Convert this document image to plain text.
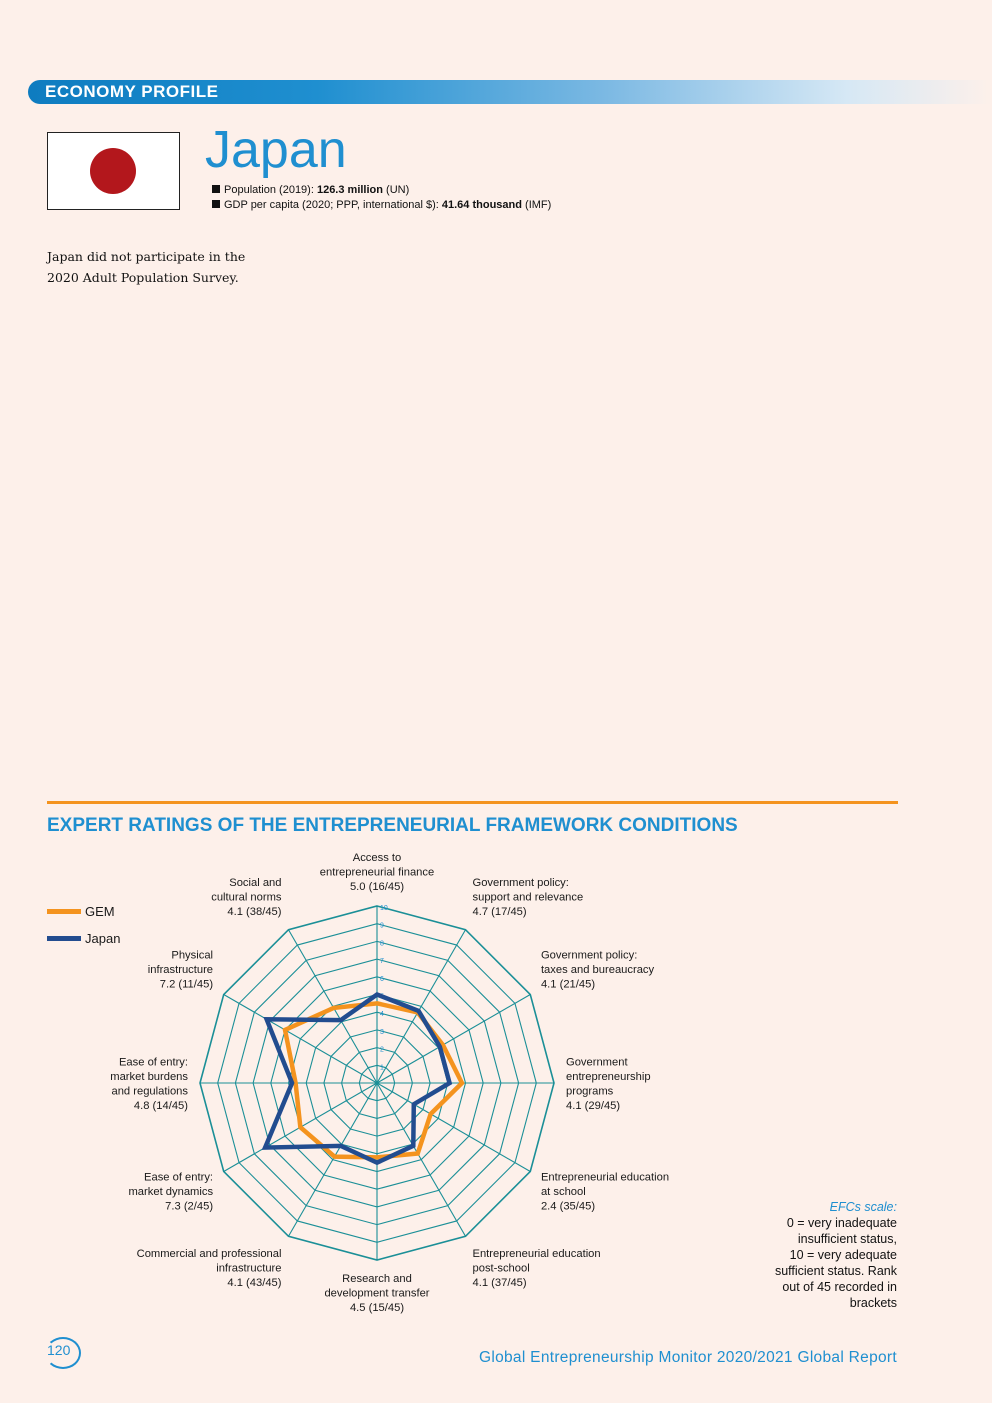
ECONOMY PROFILE
Japan
Population (2019): 126.3 million (UN)
GDP per capita (2020; PPP, international $): 41.64 thousand (IMF)
Japan did not participate in the
2020 Adult Population Survey.
EXPERT RATINGS OF THE ENTREPRENEURIAL FRAMEWORK CONDITIONS
GEM
Japan
1
2
3
4
5
6
7
8
9
10
Access to entrepreneurial finance 5.0 (16/45)	Government policy: support and relevance 4.7 (17/45)
Government policy: taxes and bureaucracy 4.1 (21/45)
Government entrepreneurship programs 4.1 (29/45)
Entrepreneurial education at school 2.4 (35/45)
Entrepreneurial education post-school 4.1 (37/45)
Research and development transfer 4.5 (15/45)
Commercial and professional infrastructure 4.1 (43/45)
Ease of entry: market dynamics 7.3 (2/45)
Ease of entry: market burdens and regulations 4.8 (14/45)
Physical infrastructure 7.2 (11/45)
Social and cultural norms 4.1 (38/45)
EFCs scale:
0 = very inadequate
insufficient status,
10 = very adequate
sufficient status. Rank
out of 45 recorded in
brackets
120	Global Entrepreneurship Monitor 2020/2021 Global Report
